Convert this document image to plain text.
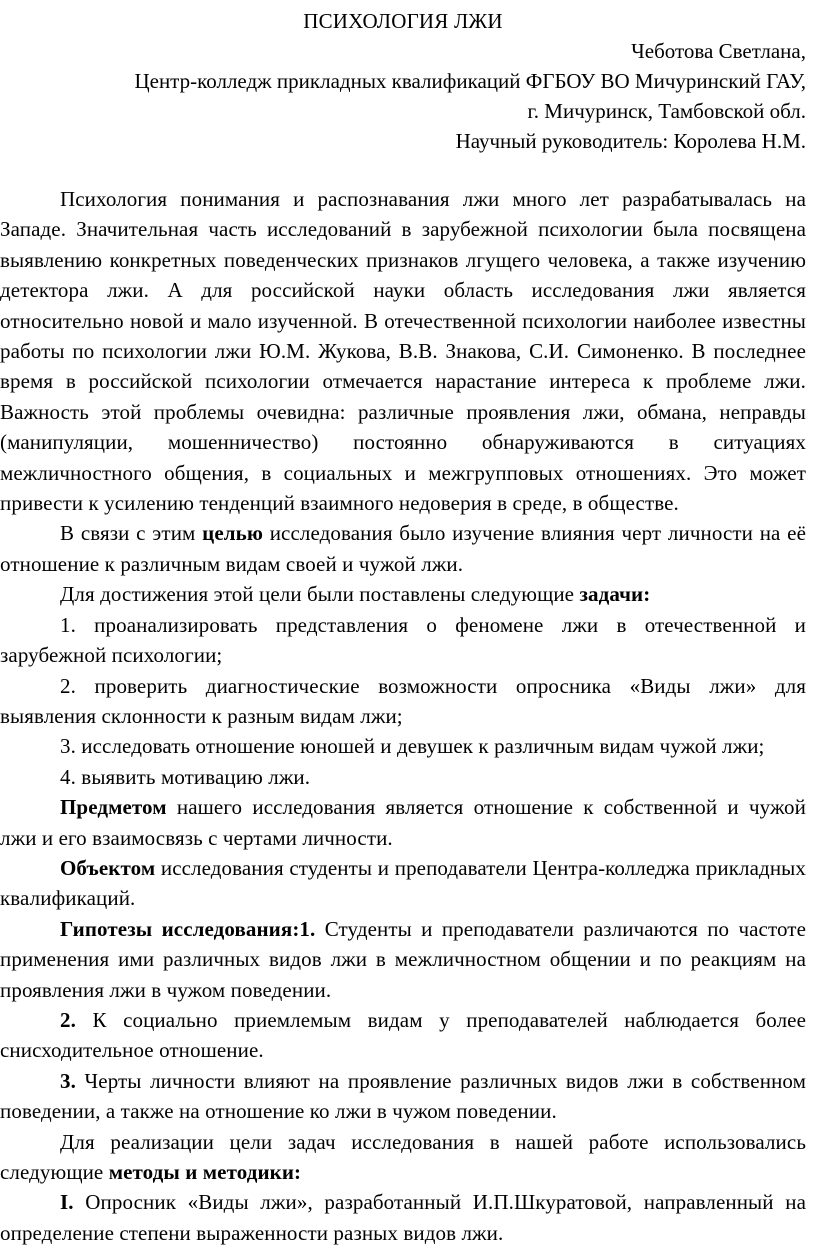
ПСИХОЛОГИЯ ЛЖИ
Чеботова Светлана,
Центр-колледж прикладных квалификаций ФГБОУ ВО Мичуринский ГАУ,
г. Мичуринск, Тамбовской обл.
Научный руководитель: Королева Н.М.

Психология понимания и распознавания лжи много лет разрабатывалась на Западе. Значительная часть исследований в зарубежной психологии была посвящена выявлению конкретных поведенческих признаков лгущего человека, а также изучению детектора лжи. А для российской науки область исследования лжи является относительно новой и мало изученной. В отечественной психологии наиболее известны работы по психологии лжи Ю.М. Жукова, В.В. Знакова, С.И. Симоненко. В последнее время в российской психологии отмечается нарастание интереса к проблеме лжи. Важность этой проблемы очевидна: различные проявления лжи, обмана, неправды (манипуляции, мошенничество) постоянно обнаруживаются в ситуациях межличностного общения, в социальных и межгрупповых отношениях. Это может привести к усилению тенденций взаимного недоверия в среде, в обществе.

В связи с этим целью исследования было изучение влияния черт личности на её отношение к различным видам своей и чужой лжи.

Для достижения этой цели были поставлены следующие задачи:

1. проанализировать представления о феномене лжи в отечественной и зарубежной психологии;

2. проверить диагностические возможности опросника «Виды лжи» для выявления склонности к разным видам лжи;

3. исследовать отношение юношей и девушек к различным видам чужой лжи;

4. выявить мотивацию лжи.

Предметом нашего исследования является отношение к собственной и чужой лжи и его взаимосвязь с чертами личности.

Объектом исследования студенты и преподаватели Центра-колледжа прикладных квалификаций.

Гипотезы исследования:1. Студенты и преподаватели различаются по частоте применения ими различных видов лжи в межличностном общении и по реакциям на проявления лжи в чужом поведении.

2. К социально приемлемым видам у преподавателей наблюдается более снисходительное отношение.

3. Черты личности влияют на проявление различных видов лжи в собственном поведении, а также на отношение ко лжи в чужом поведении.

Для реализации цели задач исследования в нашей работе использовались следующие методы и методики:

I. Опросник «Виды лжи», разработанный И.П.Шкуратовой, направленный на определение степени выраженности разных видов лжи.
